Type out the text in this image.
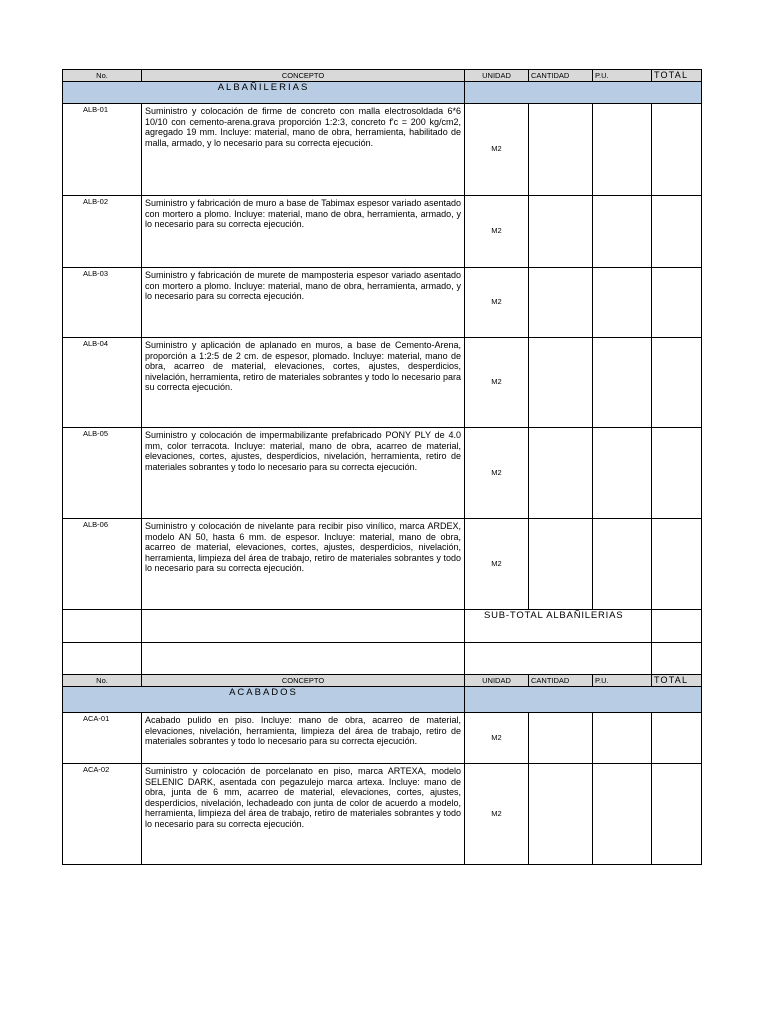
No.	CONCEPTO	UNIDAD	CANTIDAD	P.U.	TOTAL
ALBAÑILERIAS					
ALB-01	Suministro y colocación de firme de concreto con malla electrosoldada 6*6 10/10 con cemento-arena.grava proporción 1:2:3, concreto f'c = 200 kg/cm2, agregado 19 mm. Incluye: material, mano de obra, herramienta, habilitado de malla, armado, y lo necesario para su correcta ejecución.	M2			
ALB-02	Suministro y fabricación de muro a base de Tabimax espesor variado asentado con mortero a plomo. Incluye: material, mano de obra, herramienta, armado, y lo necesario para su correcta ejecución.	M2			
ALB-03	Suministro y fabricación de murete de mamposteria espesor variado asentado con mortero a plomo. Incluye: material, mano de obra, herramienta, armado, y lo necesario para su correcta ejecución.	M2			
ALB-04	Suministro y aplicación de aplanado en muros, a base de Cemento-Arena, proporción a 1:2:5 de 2 cm. de espesor, plomado. Incluye: material, mano de obra, acarreo de material, elevaciones, cortes, ajustes, desperdicios, nivelación, herramienta, retiro de materiales sobrantes y todo lo necesario para su correcta ejecución.	M2			
ALB-05	Suministro y colocación de impermabilizante prefabricado PONY PLY de 4.0 mm, color terracota. Incluye: material, mano de obra, acarreo de material, elevaciones, cortes, ajustes, desperdicios, nivelación, herramienta, retiro de materiales sobrantes y todo lo necesario para su correcta ejecución.	M2			
ALB-06	Suministro y colocación de nivelante para recibir piso vinílico, marca ARDEX, modelo AN 50, hasta 6 mm. de espesor. Incluye: material, mano de obra, acarreo de material, elevaciones, cortes, ajustes, desperdicios, nivelación, herramienta, limpieza del área de trabajo, retiro de materiales sobrantes y todo lo necesario para su correcta ejecución.	M2			
		SUB-TOTAL ALBAÑILERIAS			

No.	CONCEPTO	UNIDAD	CANTIDAD	P.U.	TOTAL
ACABADOS					
ACA-01	Acabado pulido en piso. Incluye: mano de obra, acarreo de material, elevaciones, nivelación, herramienta, limpieza del área de trabajo, retiro de materiales sobrantes y todo lo necesario para su correcta ejecución.	M2			
ACA-02	Suministro y colocación de porcelanato en piso, marca ARTEXA, modelo SELENIC DARK, asentada con pegazulejo marca artexa. Incluye: mano de obra, junta de 6 mm, acarreo de material, elevaciones, cortes, ajustes, desperdicios, nivelación, lechadeado con junta de color de acuerdo a modelo, herramienta, limpieza del área de trabajo, retiro de materiales sobrantes y todo lo necesario para su correcta ejecución.	M2			
